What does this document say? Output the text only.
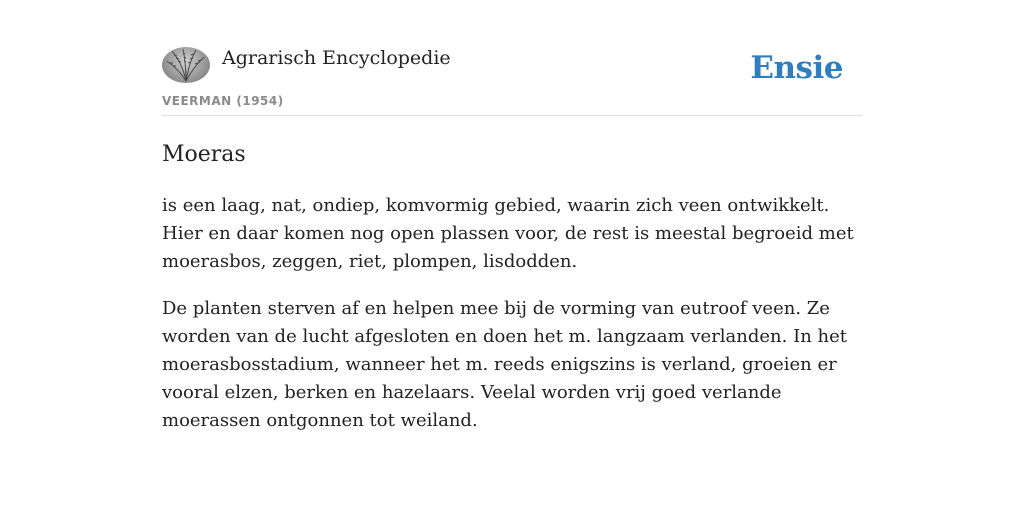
Agrarisch Encyclopedie
VEERMAN (1954)
Ensie
Moeras

is een laag, nat, ondiep, komvormig gebied, waarin zich veen ontwikkelt. Hier en daar komen nog open plassen voor, de rest is meestal begroeid met moerasbos, zeggen, riet, plompen, lisdodden.

De planten sterven af en helpen mee bij de vorming van eutroof veen. Ze worden van de lucht afgesloten en doen het m. langzaam verlanden. In het moerasbosstadium, wanneer het m. reeds enigszins is verland, groeien er vooral elzen, berken en hazelaars. Veelal worden vrij goed verlande moerassen ontgonnen tot weiland.
